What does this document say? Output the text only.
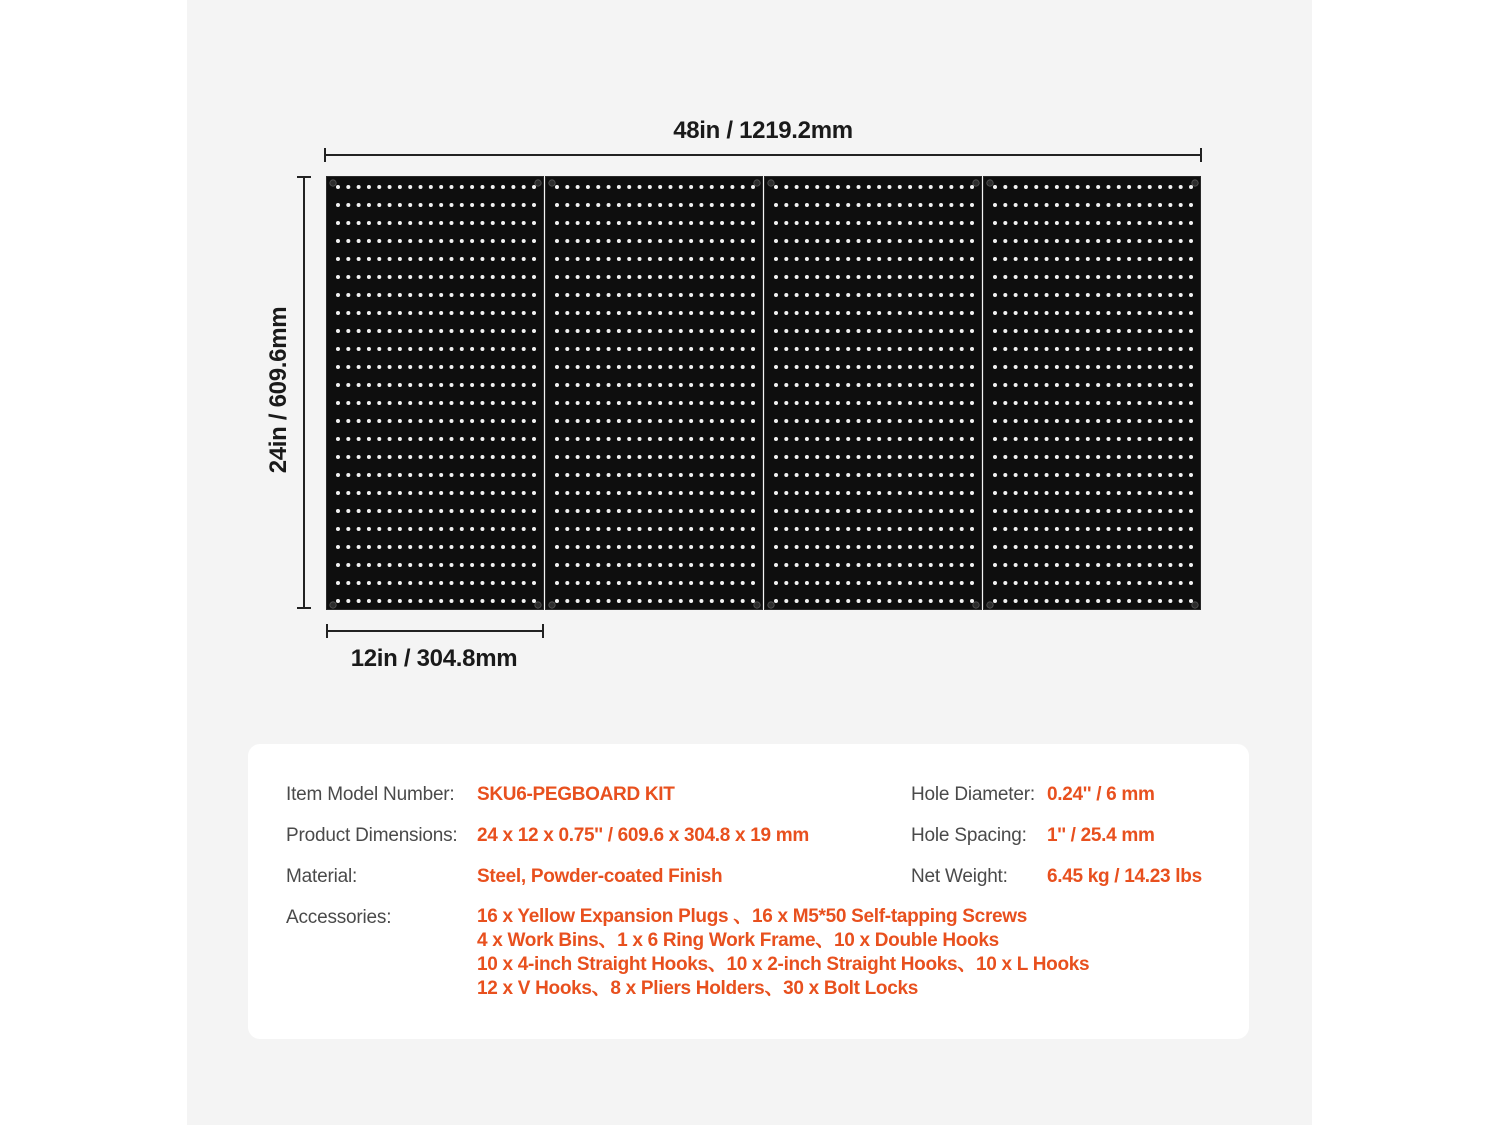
48in / 1219.2mm
24in / 609.6mm
12in / 304.8mm
Item Model Number: SKU6-PEGBOARD KIT
Product Dimensions: 24 x 12 x 0.75'' / 609.6 x 304.8 x 19 mm
Material:	Steel, Powder-coated Finish
Accessories:	16 x Yellow Expansion Plugs 、16 x M5*50 Self-tapping Screws
4 x Work Bins、1 x 6 Ring Work Frame、10 x Double Hooks
10 x 4-inch Straight Hooks、10 x 2-inch Straight Hooks、10 x L Hooks
12 x V Hooks、8 x Pliers Holders、30 x Bolt Locks
Hole Diameter: 0.24'' / 6 mm
Hole Spacing: 1'' / 25.4 mm
Net Weight: 6.45 kg / 14.23 lbs
